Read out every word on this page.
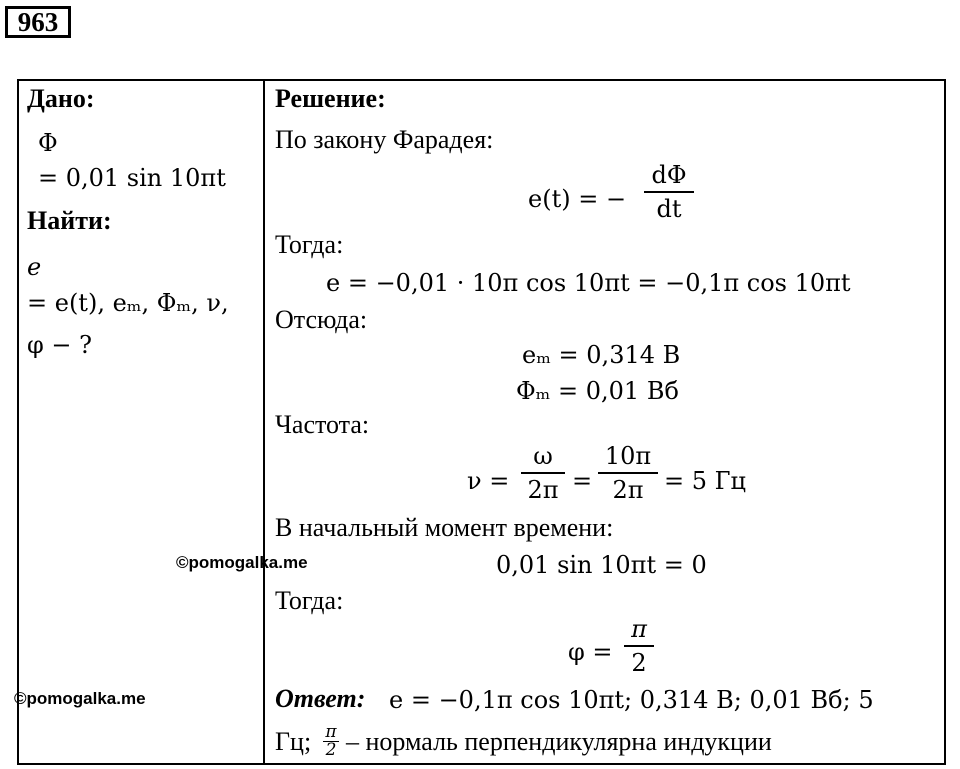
963
Дано:
Φ
= 0,01 sin 10πt
Найти:
e
= e(t), eₘ, Φₘ, ν,
φ − ?
Решение:
По закону Фарадея:
e(t) = −
dΦ
dt
Тогда:
e = −0,01 · 10π cos 10πt = −0,1π cos 10πt
Отсюда:
eₘ = 0,314 В
Φₘ = 0,01 Вб
Частота:
ν =
ω
2π =
10π
2π = 5 Гц
В начальный момент времени:
0,01 sin 10πt = 0
Тогда:
φ =
π
2
Ответ: e = −0,1π cos 10πt; 0,314 В; 0,01 Вб; 5
Гц; π
2 – нормаль перпендикулярна индукции
©pomogalka.me
©pomogalka.me
